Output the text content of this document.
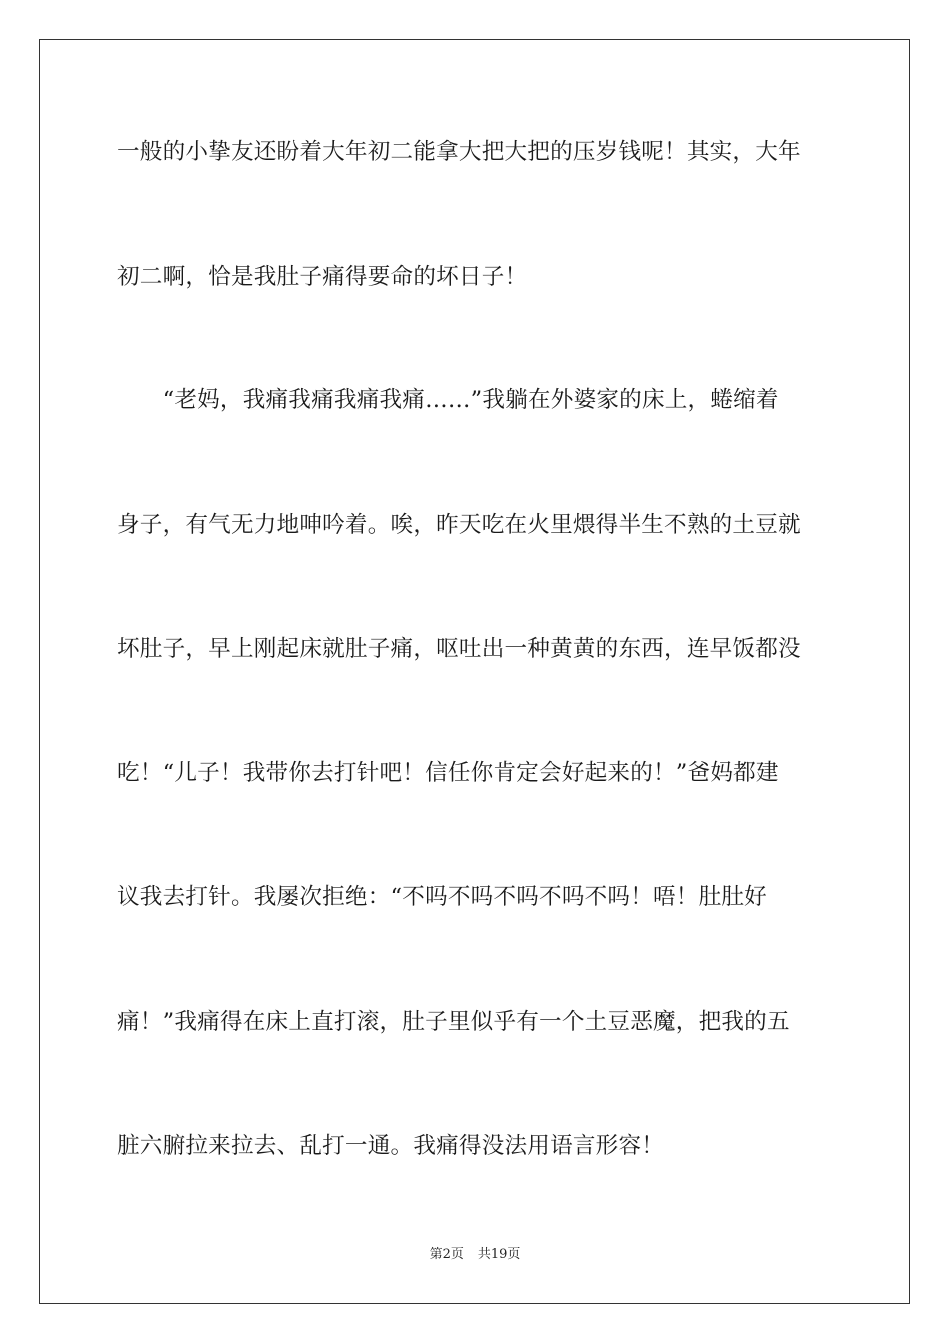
一般的小挚友还盼着大年初二能拿大把大把的压岁钱呢！其实，大年
初二啊，恰是我肚子痛得要命的坏日子！
　　“老妈，我痛我痛我痛我痛……”我躺在外婆家的床上，蜷缩着
身子，有气无力地呻吟着。唉，昨天吃在火里煨得半生不熟的土豆就
坏肚子，早上刚起床就肚子痛，呕吐出一种黄黄的东西，连早饭都没
吃！“儿子！我带你去打针吧！信任你肯定会好起来的！”爸妈都建
议我去打针。我屡次拒绝：“不吗不吗不吗不吗不吗！唔！肚肚好
痛！”我痛得在床上直打滚，肚子里似乎有一个土豆恶魔，把我的五
脏六腑拉来拉去、乱打一通。我痛得没法用语言形容！
第2页 共19页
